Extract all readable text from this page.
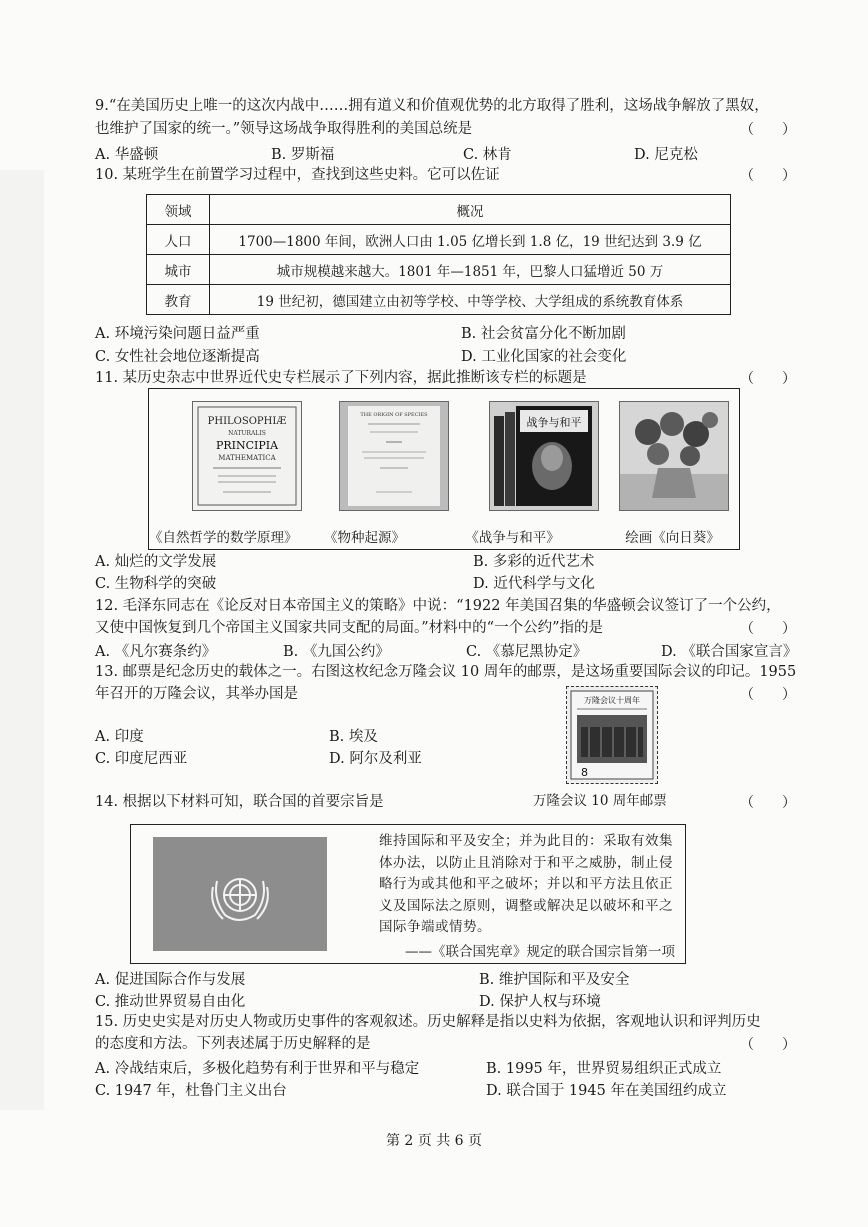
9.“在美国历史上唯一的这次内战中……拥有道义和价值观优势的北方取得了胜利，这场战争解放了黑奴，
也维护了国家的统一。”领导这场战争取得胜利的美国总统是	（　　）
A. 华盛顿	B. 罗斯福	C. 林肯	D. 尼克松
10. 某班学生在前置学习过程中，查找到这些史料。它可以佐证	（　　）
领域	概况
人口	1700—1800 年间，欧洲人口由 1.05 亿增长到 1.8 亿，19 世纪达到 3.9 亿
城市	城市规模越来越大。1801 年—1851 年，巴黎人口猛增近 50 万
教育	19 世纪初，德国建立由初等学校、中等学校、大学组成的系统教育体系
A. 环境污染问题日益严重	B. 社会贫富分化不断加剧
C. 女性社会地位逐渐提高	D. 工业化国家的社会变化
11. 某历史杂志中世界近代史专栏展示了下列内容，据此推断该专栏的标题是	（　　）
PHILOSOPHIÆ
NATURALIS
PRINCIPIA
MATHEMATICA
《自然哲学的数学原理》
THE ORIGIN OF SPECIES
《物种起源》
战争与和平
《战争与和平》	绘画《向日葵》
A. 灿烂的文学发展	B. 多彩的近代艺术
C. 生物科学的突破	D. 近代科学与文化
12. 毛泽东同志在《论反对日本帝国主义的策略》中说：“1922 年美国召集的华盛顿会议签订了一个公约，
又使中国恢复到几个帝国主义国家共同支配的局面。”材料中的“一个公约”指的是	（　　）
A. 《凡尔赛条约》	B. 《九国公约》	C. 《慕尼黑协定》	D. 《联合国家宣言》
13. 邮票是纪念历史的载体之一。右图这枚纪念万隆会议 10 周年的邮票，是这场重要国际会议的印记。1955
年召开的万隆会议，其举办国是	（　　）
万隆会议十周年
8
万隆会议 10 周年邮票
A. 印度	B. 埃及
C. 印度尼西亚	D. 阿尔及利亚
14. 根据以下材料可知，联合国的首要宗旨是	（　　）
维持国际和平及安全；并为此目的：采取有效集体办法，以防止且消除对于和平之威胁，制止侵略行为或其他和平之破坏；并以和平方法且依正义及国际法之原则，调整或解决足以破坏和平之国际争端或情势。
——《联合国宪章》规定的联合国宗旨第一项
A. 促进国际合作与发展	B. 维护国际和平及安全
C. 推动世界贸易自由化	D. 保护人权与环境
15. 历史史实是对历史人物或历史事件的客观叙述。历史解释是指以史料为依据，客观地认识和评判历史
的态度和方法。下列表述属于历史解释的是	（　　）
A. 冷战结束后，多极化趋势有利于世界和平与稳定	B. 1995 年，世界贸易组织正式成立
C. 1947 年，杜鲁门主义出台	D. 联合国于 1945 年在美国纽约成立
第 2 页 共 6 页
